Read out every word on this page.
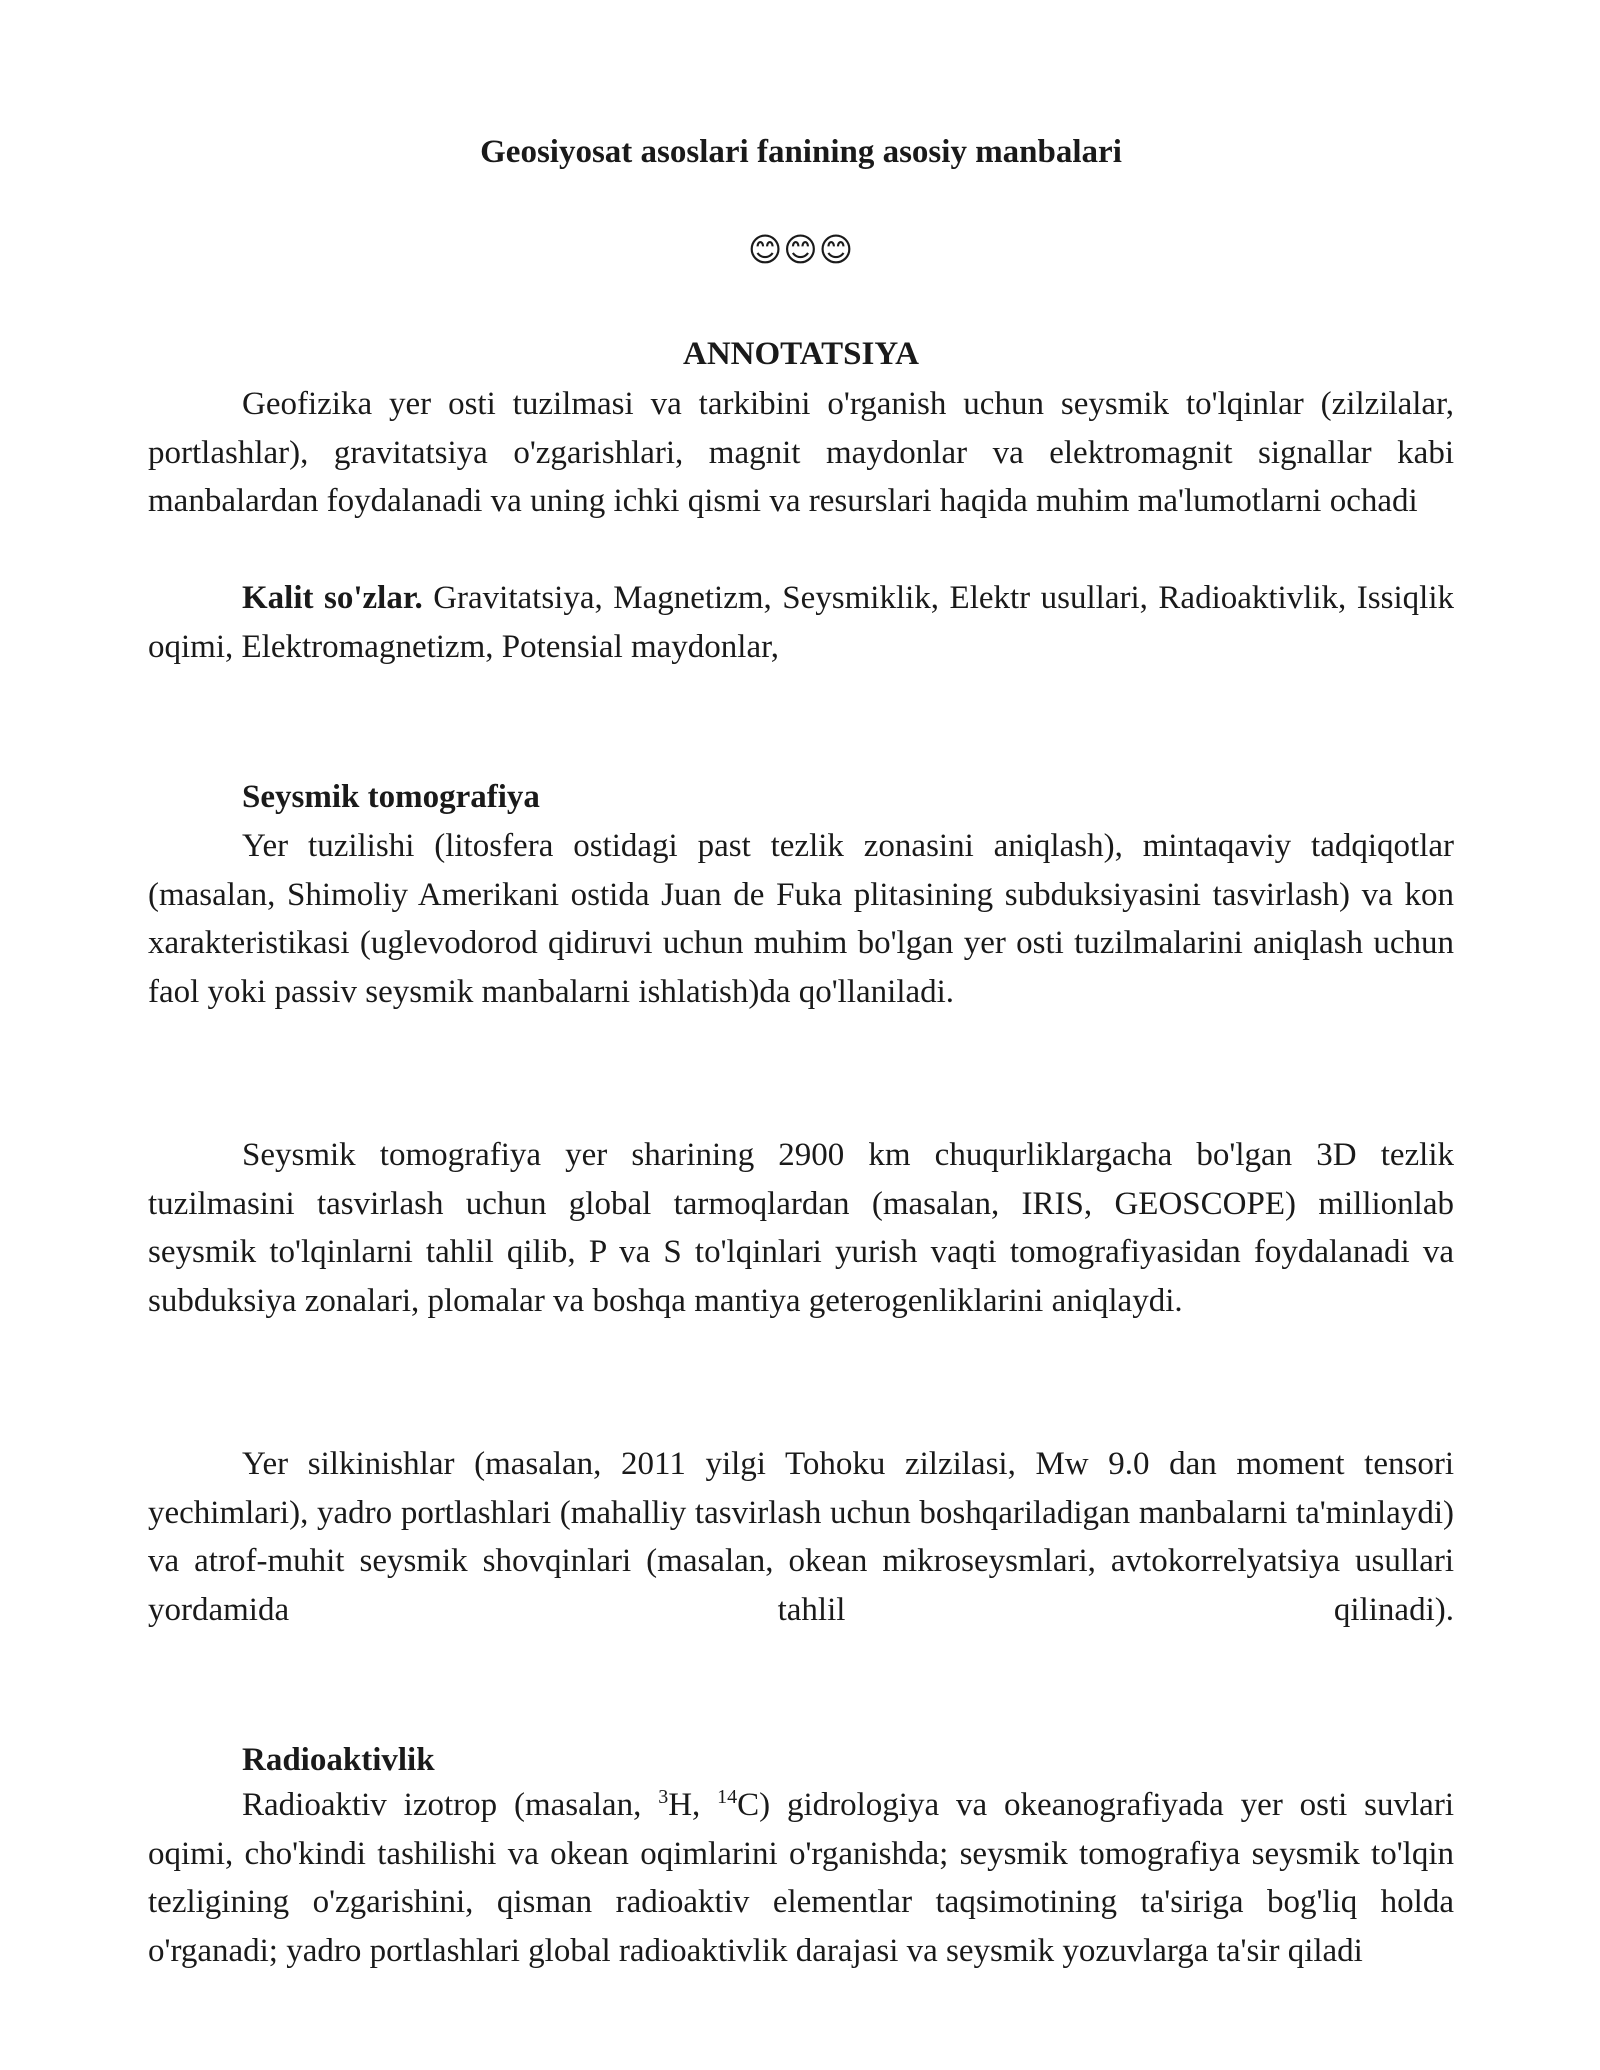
Geosiyosat asoslari fanining asosiy manbalari
😊😊😊
ANNOTATSIYA

Geofizika yer osti tuzilmasi va tarkibini o'rganish uchun seysmik to'lqinlar (zilzilalar, portlashlar), gravitatsiya o'zgarishlari, magnit maydonlar va elektromagnit signallar kabi manbalardan foydalanadi va uning ichki qismi va resurslari haqida muhim ma'lumotlarni ochadi

Kalit so'zlar. Gravitatsiya, Magnetizm, Seysmiklik, Elektr usullari, Radioaktivlik, Issiqlik oqimi, Elektromagnetizm, Potensial maydonlar,

Seysmik tomografiya

Yer tuzilishi (litosfera ostidagi past tezlik zonasini aniqlash), mintaqaviy tadqiqotlar (masalan, Shimoliy Amerikani ostida Juan de Fuka plitasining subduksiyasini tasvirlash) va kon xarakteristikasi (uglevodorod qidiruvi uchun muhim bo'lgan yer osti tuzilmalarini aniqlash uchun faol yoki passiv seysmik manbalarni ishlatish)da qo'llaniladi.

Seysmik tomografiya yer sharining 2900 km chuqurliklargacha bo'lgan 3D tezlik tuzilmasini tasvirlash uchun global tarmoqlardan (masalan, IRIS, GEOSCOPE) millionlab seysmik to'lqinlarni tahlil qilib, P va S to'lqinlari yurish vaqti tomografiyasidan foydalanadi va subduksiya zonalari, plomalar va boshqa mantiya geterogenliklarini aniqlaydi.

Yer silkinishlar (masalan, 2011 yilgi Tohoku zilzilasi, Mw 9.0 dan moment tensori yechimlari), yadro portlashlari (mahalliy tasvirlash uchun boshqariladigan manbalarni ta'minlaydi) va atrof-muhit seysmik shovqinlari (masalan, okean mikroseysmlari, avtokorrelyatsiya usullari yordamida tahlil qilinadi).

Radioaktivlik

Radioaktiv izotrop (masalan, $^3$H, $^{14}$C) gidrologiya va okeanografiyada yer osti suvlari oqimi, cho'kindi tashilishi va okean oqimlarini o'rganishda; seysmik tomografiya seysmik to'lqin tezligining o'zgarishini, qisman radioaktiv elementlar taqsimotining ta'siriga bog'liq holda o'rganadi; yadro portlashlari global radioaktivlik darajasi va seysmik yozuvlarga ta'sir qiladi
